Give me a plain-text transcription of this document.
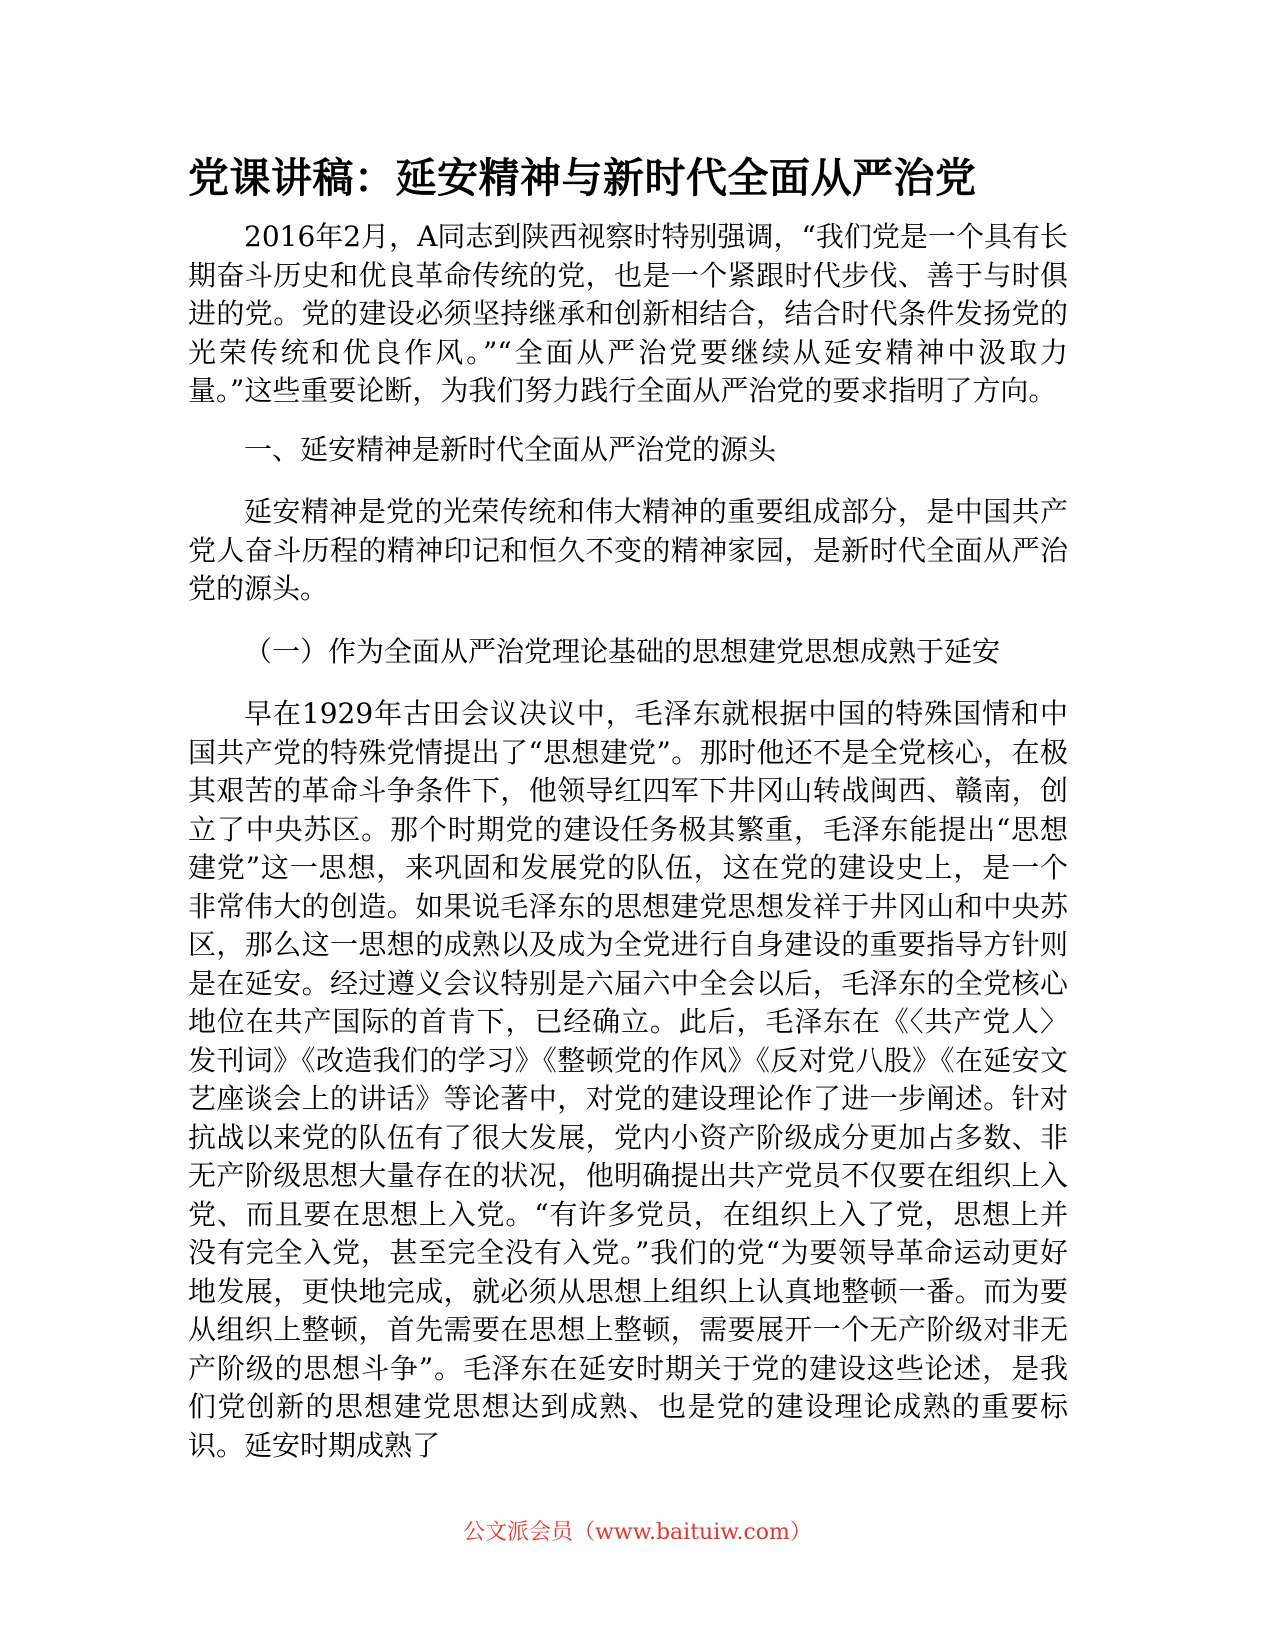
党课讲稿：延安精神与新时代全面从严治党

2016年2月，A同志到陕西视察时特别强调，“我们党是一个具有长期奋斗历史和优良革命传统的党，也是一个紧跟时代步伐、善于与时俱进的党。党的建设必须坚持继承和创新相结合，结合时代条件发扬党的光荣传统和优良作风。”“全面从严治党要继续从延安精神中汲取力量。”这些重要论断，为我们努力践行全面从严治党的要求指明了方向。

一、延安精神是新时代全面从严治党的源头

延安精神是党的光荣传统和伟大精神的重要组成部分，是中国共产党人奋斗历程的精神印记和恒久不变的精神家园，是新时代全面从严治党的源头。

（一）作为全面从严治党理论基础的思想建党思想成熟于延安

早在1929年古田会议决议中，毛泽东就根据中国的特殊国情和中国共产党的特殊党情提出了“思想建党”。那时他还不是全党核心，在极其艰苦的革命斗争条件下，他领导红四军下井冈山转战闽西、赣南，创立了中央苏区。那个时期党的建设任务极其繁重，毛泽东能提出“思想建党”这一思想，来巩固和发展党的队伍，这在党的建设史上，是一个非常伟大的创造。如果说毛泽东的思想建党思想发祥于井冈山和中央苏区，那么这一思想的成熟以及成为全党进行自身建设的重要指导方针则是在延安。经过遵义会议特别是六届六中全会以后，毛泽东的全党核心地位在共产国际的首肯下，已经确立。此后，毛泽东在《〈共产党人〉发刊词》《改造我们的学习》《整顿党的作风》《反对党八股》《在延安文艺座谈会上的讲话》等论著中，对党的建设理论作了进一步阐述。针对抗战以来党的队伍有了很大发展，党内小资产阶级成分更加占多数、非无产阶级思想大量存在的状况，他明确提出共产党员不仅要在组织上入党、而且要在思想上入党。“有许多党员，在组织上入了党，思想上并没有完全入党，甚至完全没有入党。”我们的党“为要领导革命运动更好地发展，更快地完成，就必须从思想上组织上认真地整顿一番。而为要从组织上整顿，首先需要在思想上整顿，需要展开一个无产阶级对非无产阶级的思想斗争”。毛泽东在延安时期关于党的建设这些论述，是我们党创新的思想建党思想达到成熟、也是党的建设理论成熟的重要标识。延安时期成熟了

公文派会员（www.baituiw.com）
